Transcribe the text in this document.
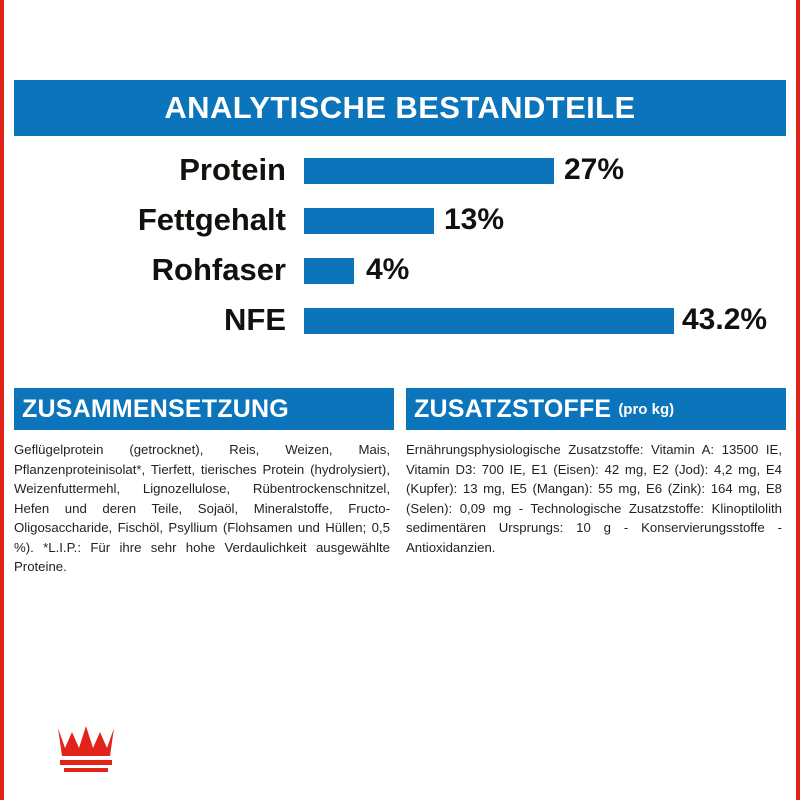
ANALYTISCHE BESTANDTEILE
Protein	27%
Fettgehalt	13%
Rohfaser	4%
NFE	43.2%
ZUSAMMENSETZUNG
Geflügelprotein (getrocknet), Reis, Weizen, Mais, Pflanzenproteinisolat*, Tierfett, tierisches Protein (hydrolysiert), Weizenfuttermehl, Lignozellulose, Rübentrockenschnitzel, Hefen und deren Teile, Sojaöl, Mineralstoffe, Fructo-Oligosaccharide, Fischöl, Psyllium (Flohsamen und Hüllen; 0,5 %). *L.I.P.: Für ihre sehr hohe Verdaulichkeit ausgewählte Proteine.
ZUSATZSTOFFE (pro kg)
Ernährungsphysiologische Zusatzstoffe: Vitamin A: 13500 IE, Vitamin D3: 700 IE, E1 (Eisen): 42 mg, E2 (Jod): 4,2 mg, E4 (Kupfer): 13 mg, E5 (Mangan): 55 mg, E6 (Zink): 164 mg, E8 (Selen): 0,09 mg - Technologische Zusatzstoffe: Klinoptilolith sedimentären Ursprungs: 10 g - Konservierungsstoffe - Antioxidanzien.
